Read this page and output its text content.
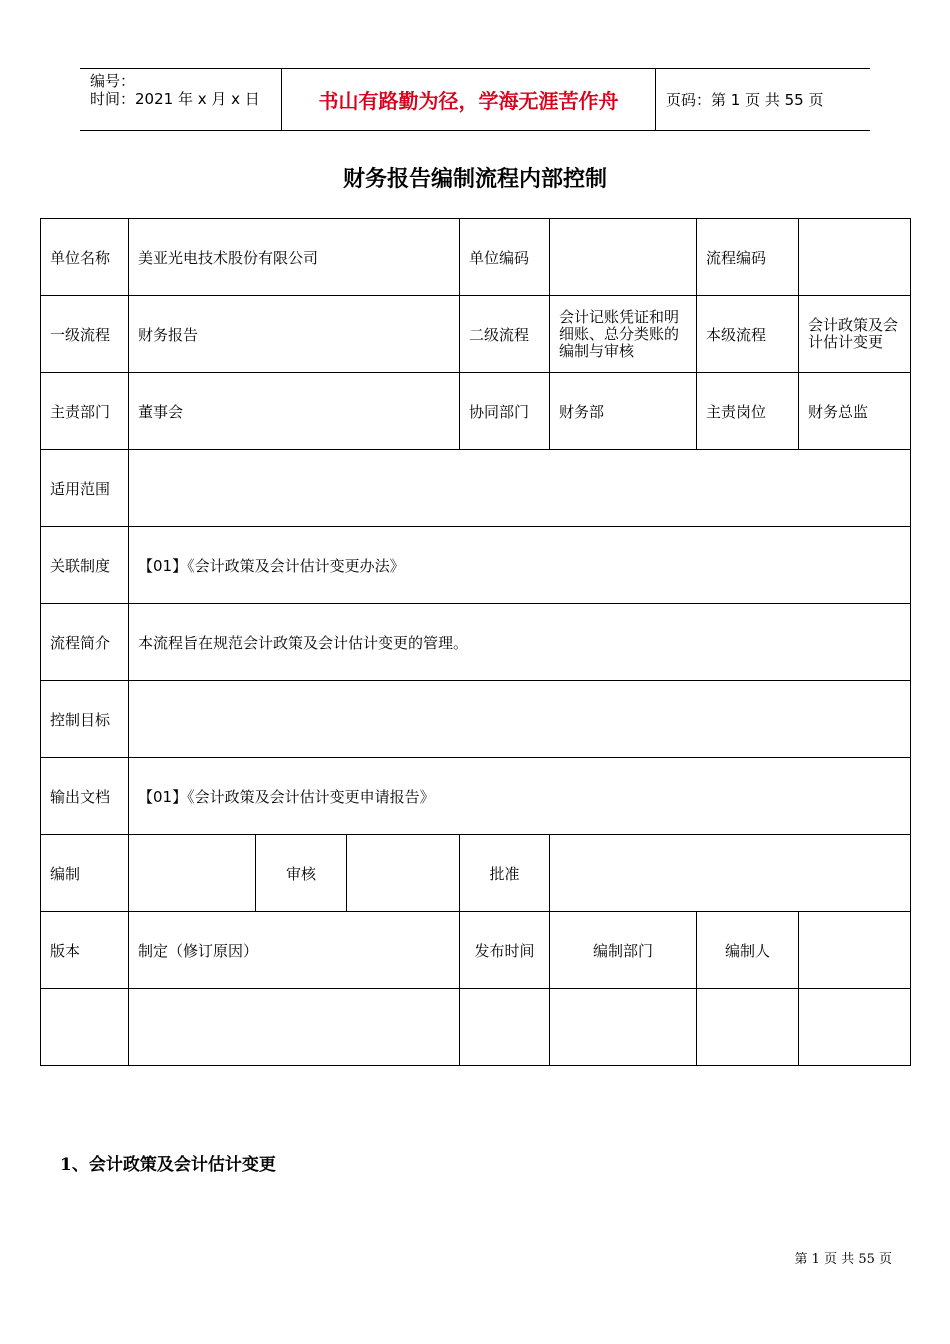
编号：
时间：2021 年 x 月 x 日	书山有路勤为径，学海无涯苦作舟	页码：第 1 页 共 55 页
财务报告编制流程内部控制
单位名称	美亚光电技术股份有限公司			单位编码		流程编码	
一级流程	财务报告			二级流程	会计记账凭证和明细账、总分类账的编制与审核	本级流程	会计政策及会计估计变更
主责部门	董事会			协同部门	财务部	主责岗位	财务总监
适用范围							
关联制度	【01】《会计政策及会计估计变更办法》						
流程简介	本流程旨在规范会计政策及会计估计变更的管理。						
控制目标							
输出文档	【01】《会计政策及会计估计变更申请报告》						
编制		审核		批准			
版本	制定（修订原因）			发布时间	编制部门	编制人	

1、会计政策及会计估计变更
第 1 页 共 55 页
